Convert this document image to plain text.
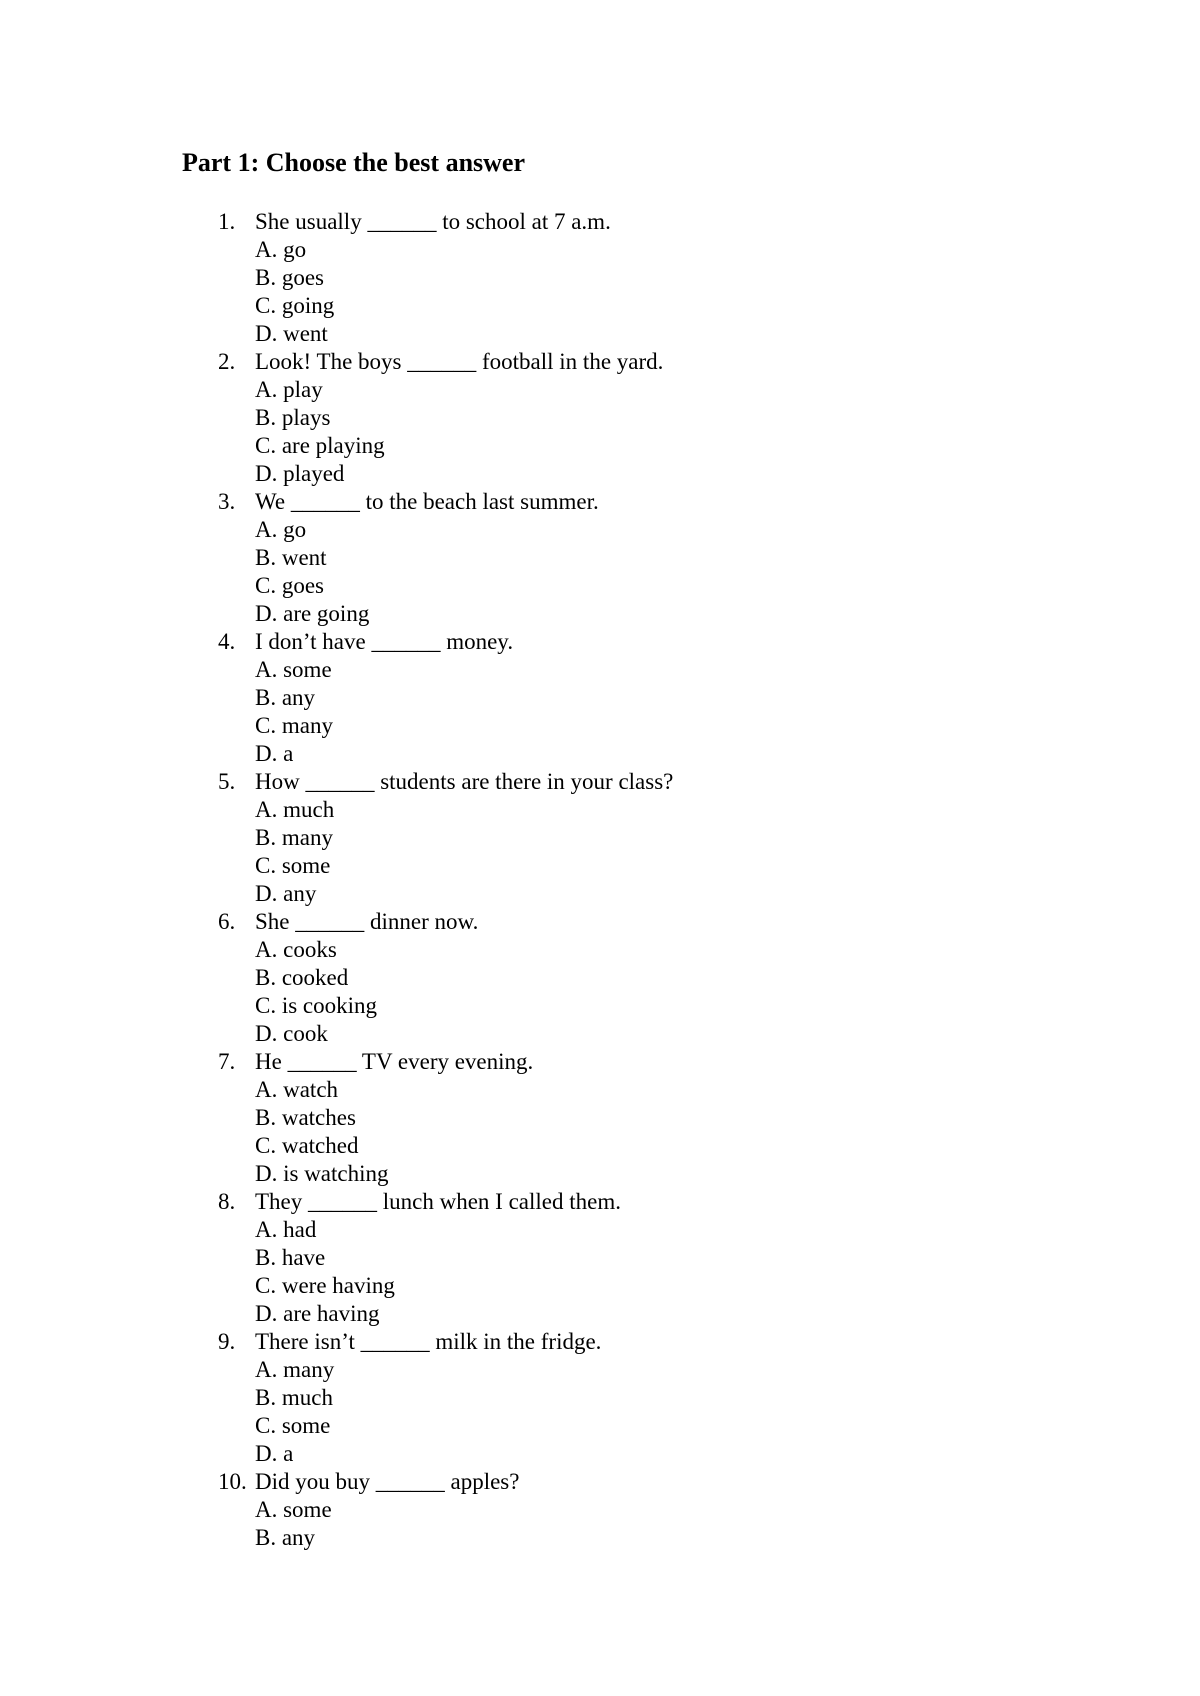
Part 1: Choose the best answer
1. She usually ______ to school at 7 a.m.
A. go
B. goes
C. going
D. went
2. Look! The boys ______ football in the yard.
A. play
B. plays
C. are playing
D. played
3. We ______ to the beach last summer.
A. go
B. went
C. goes
D. are going
4. I don’t have ______ money.
A. some
B. any
C. many
D. a
5. How ______ students are there in your class?
A. much
B. many
C. some
D. any
6. She ______ dinner now.
A. cooks
B. cooked
C. is cooking
D. cook
7. He ______ TV every evening.
A. watch
B. watches
C. watched
D. is watching
8. They ______ lunch when I called them.
A. had
B. have
C. were having
D. are having
9. There isn’t ______ milk in the fridge.
A. many
B. much
C. some
D. a
10. Did you buy ______ apples?
A. some
B. any
